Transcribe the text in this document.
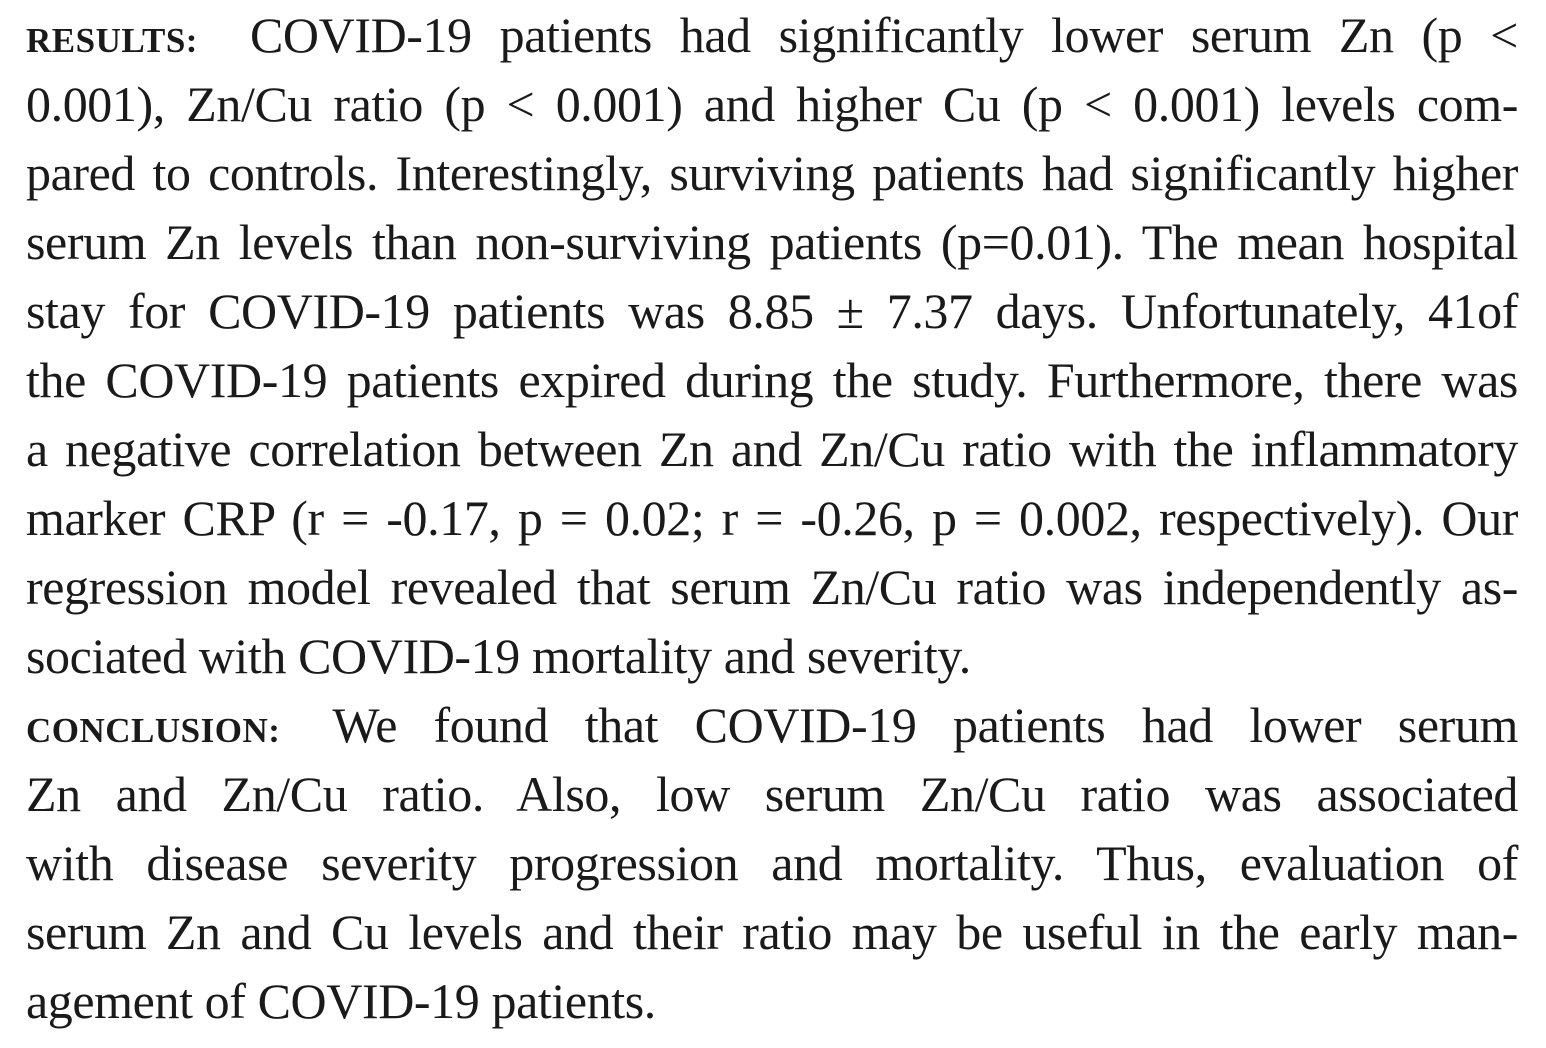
RESULTS: COVID-19 patients had significantly lower serum Zn (p <
0.001), Zn/Cu ratio (p < 0.001) and higher Cu (p < 0.001) levels com-
pared to controls. Interestingly, surviving patients had significantly higher
serum Zn levels than non-surviving patients (p=0.01). The mean hospital
stay for COVID-19 patients was 8.85 ± 7.37 days. Unfortunately, 41of
the COVID-19 patients expired during the study. Furthermore, there was
a negative correlation between Zn and Zn/Cu ratio with the inflammatory
marker CRP (r = -0.17, p = 0.02; r = -0.26, p = 0.002, respectively). Our
regression model revealed that serum Zn/Cu ratio was independently as-
sociated with COVID-19 mortality and severity.
CONCLUSION: We found that COVID-19 patients had lower serum
Zn and Zn/Cu ratio. Also, low serum Zn/Cu ratio was associated
with disease severity progression and mortality. Thus, evaluation of
serum Zn and Cu levels and their ratio may be useful in the early man-
agement of COVID-19 patients.
